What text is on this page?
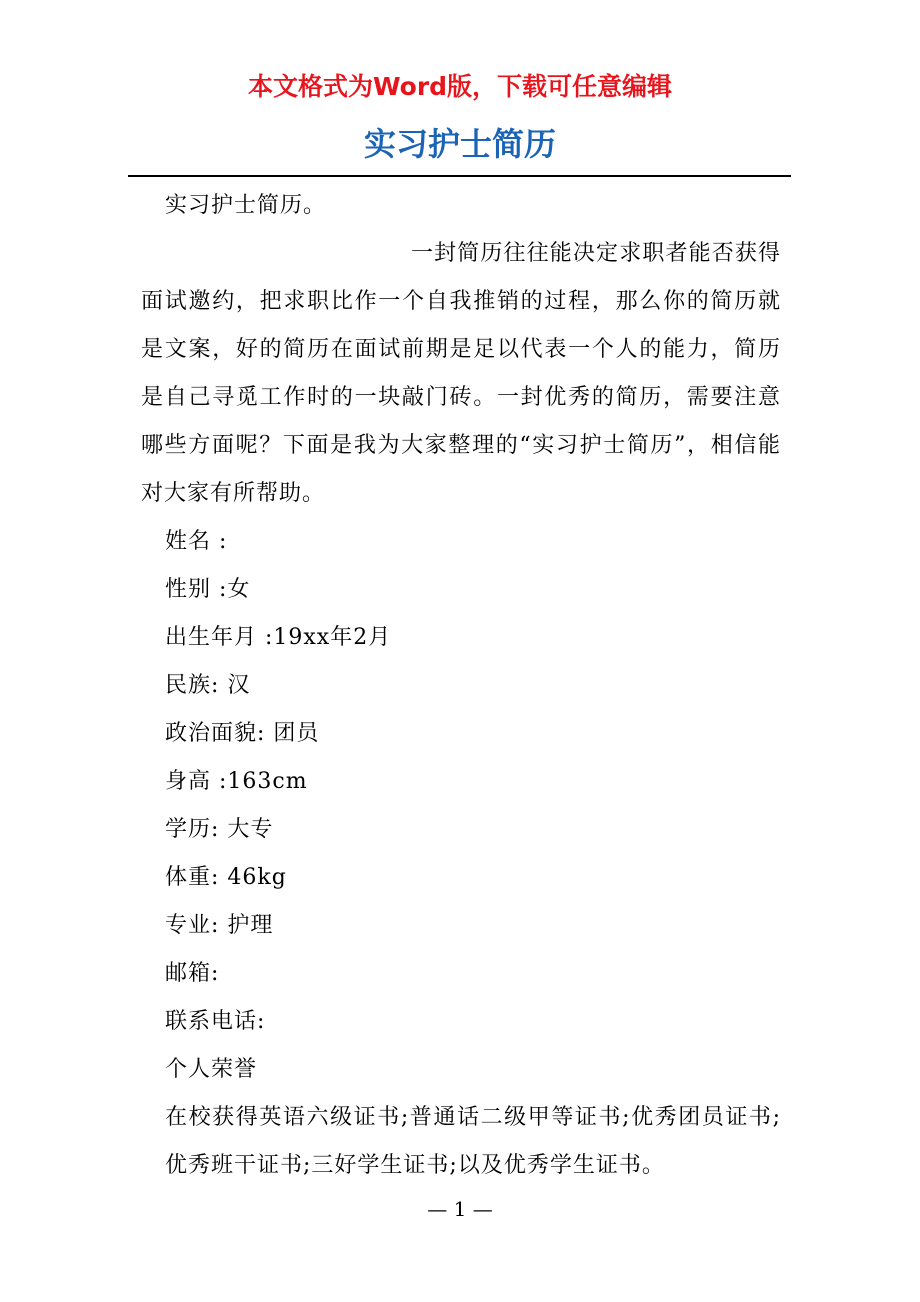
本文格式为Word版，下载可任意编辑
实习护士简历

实习护士简历。

一封简历往往能决定求职者能否获得面试邀约，把求职比作一个自我推销的过程，那么你的简历就是文案，好的简历在面试前期是足以代表一个人的能力，简历是自己寻觅工作时的一块敲门砖。一封优秀的简历，需要注意哪些方面呢？下面是我为大家整理的“实习护士简历”，相信能对大家有所帮助。

姓名 :

性别 :女

出生年月 :19xx年2月

民族: 汉

政治面貌: 团员

身高 :163cm

学历: 大专

体重: 46kg

专业: 护理

邮箱:

联系电话:

个人荣誉

在校获得英语六级证书;普通话二级甲等证书;优秀团员证书;优秀班干证书;三好学生证书;以及优秀学生证书。

— 1 —
